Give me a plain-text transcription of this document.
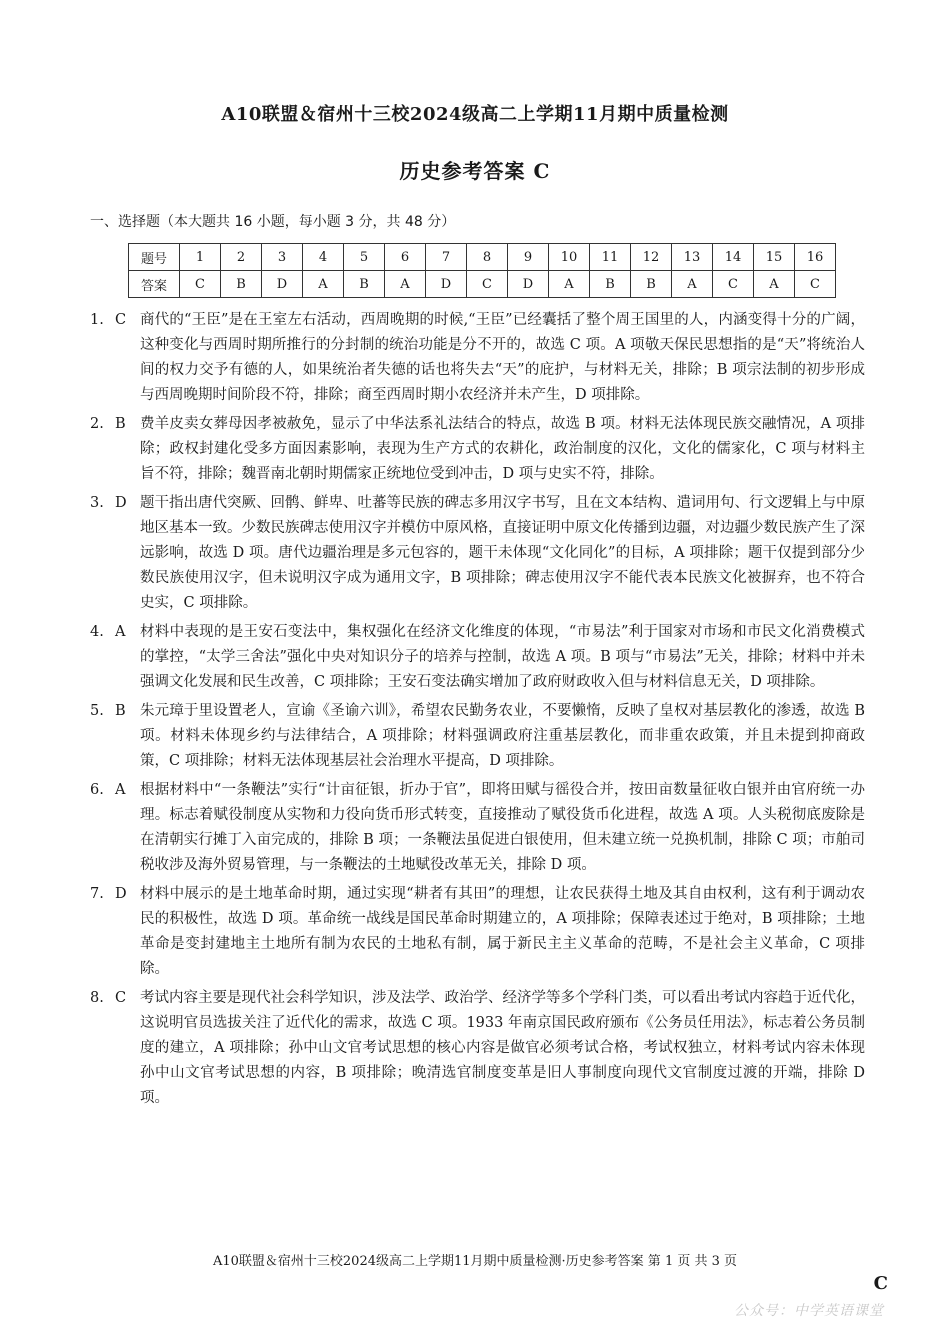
A10联盟＆宿州十三校2024级高二上学期11月期中质量检测
历史参考答案 C
一、选择题（本大题共 16 小题，每小题 3 分，共 48 分）
题号	1	2	3	4	5	6	7	8	9	10	11	12	13	14	15	16
答案	C	B	D	A	B	A	D	C	D	A	B	B	A	C	A	C
1. C 商代的“王臣”是在王室左右活动，西周晚期的时候,“王臣”已经囊括了整个周王国里的人，内涵变得十分的广阔，这种变化与西周时期所推行的分封制的统治功能是分不开的，故选 C 项。A 项敬天保民思想指的是“天”将统治人间的权力交予有德的人，如果统治者失德的话也将失去“天”的庇护，与材料无关，排除；B 项宗法制的初步形成与西周晚期时间阶段不符，排除；商至西周时期小农经济并未产生，D 项排除。
2. B 费羊皮卖女葬母因孝被赦免，显示了中华法系礼法结合的特点，故选 B 项。材料无法体现民族交融情况，A 项排除；政权封建化受多方面因素影响，表现为生产方式的农耕化，政治制度的汉化，文化的儒家化，C 项与材料主旨不符，排除；魏晋南北朝时期儒家正统地位受到冲击，D 项与史实不符，排除。
3. D 题干指出唐代突厥、回鹘、鲜卑、吐蕃等民族的碑志多用汉字书写，且在文本结构、遣词用句、行文逻辑上与中原地区基本一致。少数民族碑志使用汉字并模仿中原风格，直接证明中原文化传播到边疆，对边疆少数民族产生了深远影响，故选 D 项。唐代边疆治理是多元包容的，题干未体现“文化同化”的目标，A 项排除；题干仅提到部分少数民族使用汉字，但未说明汉字成为通用文字，B 项排除；碑志使用汉字不能代表本民族文化被摒弃，也不符合史实，C 项排除。
4. A	材料中表现的是王安石变法中，集权强化在经济文化维度的体现，“市易法”利于国家对市场和市民文化消费模式的掌控，“太学三舍法”强化中央对知识分子的培养与控制，故选 A 项。B 项与“市易法”无关，排除；材料中并未强调文化发展和民生改善，C 项排除；王安石变法确实增加了政府财政收入但与材料信息无关，D 项排除。
5. B 朱元璋于里设置老人，宣谕《圣谕六训》，希望农民勤务农业，不要懒惰，反映了皇权对基层教化的渗透，故选 B 项。材料未体现乡约与法律结合，A 项排除；材料强调政府注重基层教化，而非重农政策，并且未提到抑商政策，C 项排除；材料无法体现基层社会治理水平提高，D 项排除。
6. A	根据材料中“一条鞭法”实行“计亩征银，折办于官”，即将田赋与徭役合并，按田亩数量征收白银并由官府统一办理。标志着赋役制度从实物和力役向货币形式转变，直接推动了赋役货币化进程，故选 A 项。人头税彻底废除是在清朝实行摊丁入亩完成的，排除 B 项；一条鞭法虽促进白银使用，但未建立统一兑换机制，排除 C 项；市舶司税收涉及海外贸易管理，与一条鞭法的土地赋役改革无关，排除 D 项。
7. D 材料中展示的是土地革命时期，通过实现“耕者有其田”的理想，让农民获得土地及其自由权利，这有利于调动农民的积极性，故选 D 项。革命统一战线是国民革命时期建立的，A 项排除；保障表述过于绝对，B 项排除；土地革命是变封建地主土地所有制为农民的土地私有制，属于新民主主义革命的范畴，不是社会主义革命，C 项排除。
8. C 考试内容主要是现代社会科学知识，涉及法学、政治学、经济学等多个学科门类，可以看出考试内容趋于近代化，这说明官员选拔关注了近代化的需求，故选 C 项。1933 年南京国民政府颁布《公务员任用法》，标志着公务员制度的建立，A 项排除；孙中山文官考试思想的核心内容是做官必须考试合格，考试权独立，材料考试内容未体现孙中山文官考试思想的内容，B 项排除；晚清选官制度变革是旧人事制度向现代文官制度过渡的开端，排除 D 项。
A10联盟＆宿州十三校2024级高二上学期11月期中质量检测·历史参考答案 第 1 页 共 3 页
C
公众号：中学英语课堂
